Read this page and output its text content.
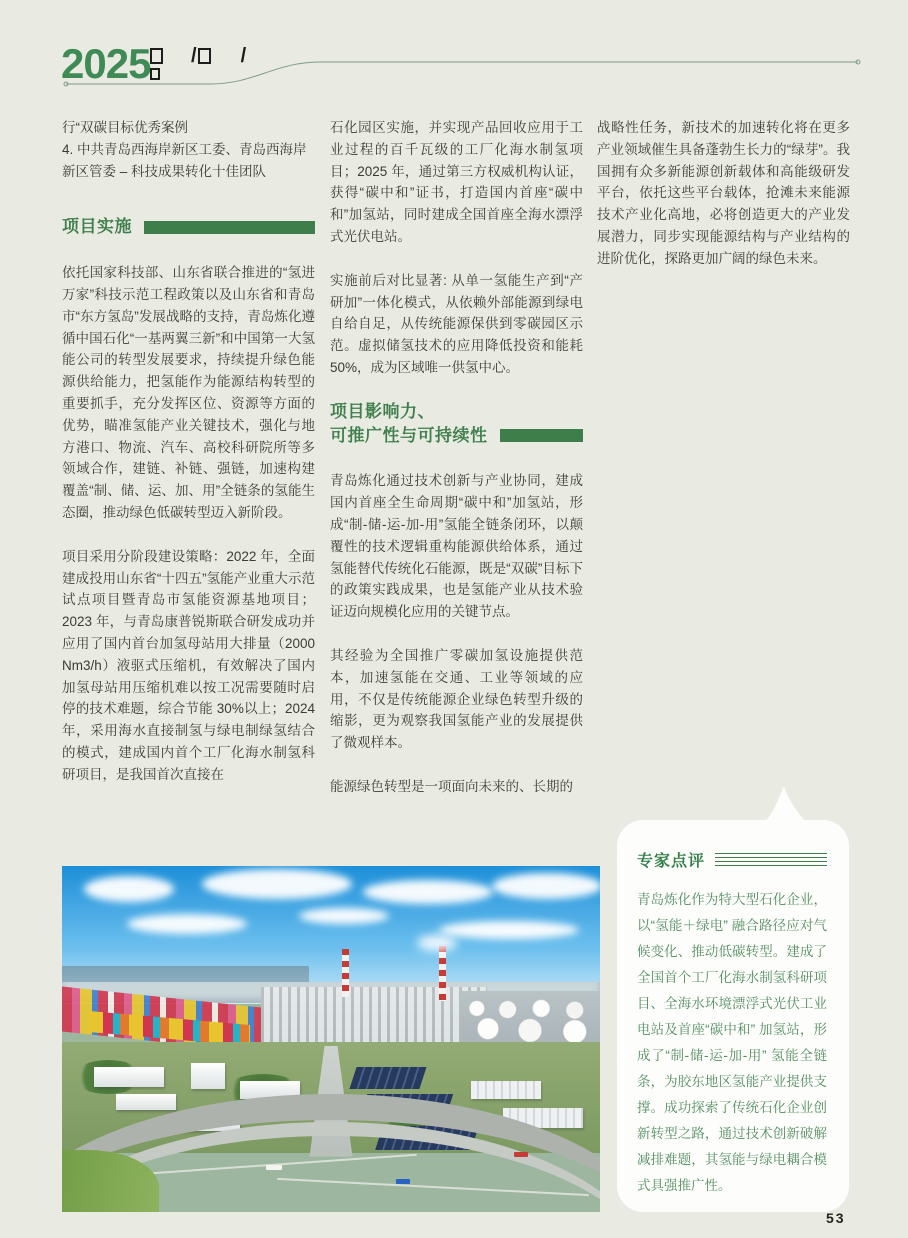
2025 / /
行“双碳目标优秀案例
4. 中共青岛西海岸新区工委、青岛西海岸
新区管委 – 科技成果转化十佳团队
项目实施

依托国家科技部、山东省联合推进的“氢进万家”科技示范工程政策以及山东省和青岛市“东方氢岛”发展战略的支持，青岛炼化遵循中国石化“一基两翼三新”和中国第一大氢能公司的转型发展要求，持续提升绿色能源供给能力，把氢能作为能源结构转型的重要抓手，充分发挥区位、资源等方面的优势，瞄准氢能产业关键技术，强化与地方港口、物流、汽车、高校科研院所等多领域合作，建链、补链、强链，加速构建覆盖“制、储、运、加、用”全链条的氢能生态圈，推动绿色低碳转型迈入新阶段。

项目采用分阶段建设策略：2022 年，全面建成投用山东省“十四五”氢能产业重大示范试点项目暨青岛市氢能资源基地项目；2023 年，与青岛康普锐斯联合研发成功并应用了国内首台加氢母站用大排量（2000 Nm3/h）液驱式压缩机，有效解决了国内加氢母站用压缩机难以按工况需要随时启停的技术难题，综合节能 30%以上；2024 年，采用海水直接制氢与绿电制绿氢结合的模式，建成国内首个工厂化海水制氢科研项目，是我国首次直接在

石化园区实施，并实现产品回收应用于工业过程的百千瓦级的工厂化海水制氢项目；2025 年，通过第三方权威机构认证，获得“碳中和”证书，打造国内首座“碳中和”加氢站，同时建成全国首座全海水漂浮式光伏电站。

实施前后对比显著: 从单一氢能生产到“产研加”一体化模式，从依赖外部能源到绿电自给自足，从传统能源保供到零碳园区示范。虚拟储氢技术的应用降低投资和能耗 50%，成为区域唯一供氢中心。

项目影响力、
可推广性与可持续性

青岛炼化通过技术创新与产业协同，建成国内首座全生命周期“碳中和”加氢站，形成“制-储-运-加-用”氢能全链条闭环，以颠覆性的技术逻辑重构能源供给体系，通过氢能替代传统化石能源，既是“双碳”目标下的政策实践成果，也是氢能产业从技术验证迈向规模化应用的关键节点。

其经验为全国推广零碳加氢设施提供范本，加速氢能在交通、工业等领域的应用，不仅是传统能源企业绿色转型升级的缩影，更为观察我国氢能产业的发展提供了微观样本。

能源绿色转型是一项面向未来的、长期的

战略性任务，新技术的加速转化将在更多产业领域催生具备蓬勃生长力的“绿芽”。我国拥有众多新能源创新载体和高能级研发平台，依托这些平台载体，抢滩未来能源技术产业化高地，必将创造更大的产业发展潜力，同步实现能源结构与产业结构的进阶优化，探路更加广阔的绿色未来。

专家点评
青岛炼化作为特大型石化企业，以“氢能＋绿电” 融合路径应对气候变化、推动低碳转型。建成了全国首个工厂化海水制氢科研项目、全海水环境漂浮式光伏工业电站及首座“碳中和” 加氢站，形成了“制-储-运-加-用” 氢能全链条，为胶东地区氢能产业提供支撑。成功探索了传统石化企业创新转型之路，通过技术创新破解减排难题，其氢能与绿电耦合模式具强推广性。
53
